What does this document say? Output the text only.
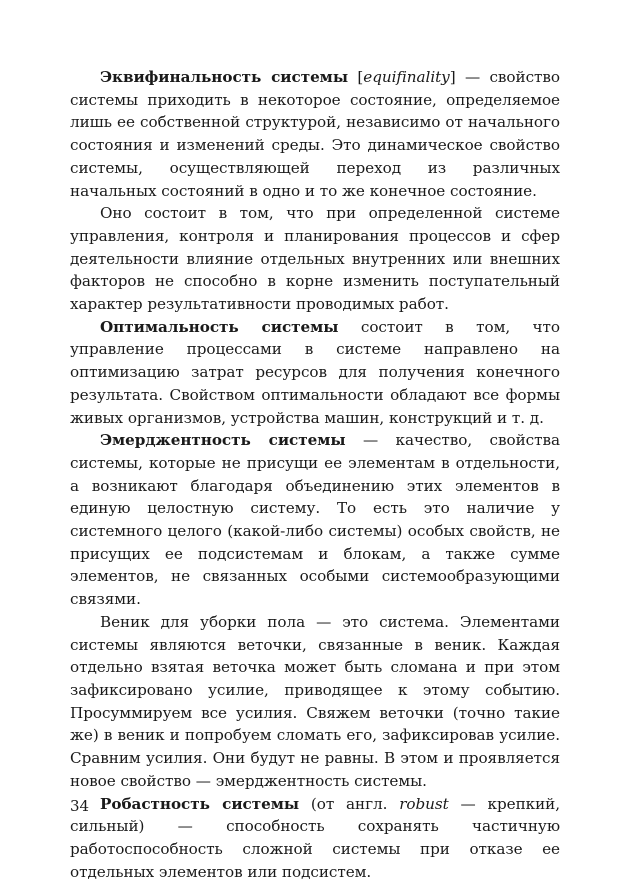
Эквифинальность системы [equifinality] — свойство системы приходить в некоторое состояние, определяемое лишь ее собственной структурой, независимо от начального состояния и изменений среды. Это динамическое свойство системы, осуществляющей переход из различных начальных состояний в одно и то же конечное состояние.

Оно состоит в том, что при определенной системе управления, контроля и планирования процессов и сфер деятельности влияние отдельных внутренних или внешних факторов не способно в корне изменить поступательный характер результативности проводимых работ.

Оптимальность системы состоит в том, что управление процессами в системе направлено на оптимизацию затрат ресурсов для получения конечного результата. Свойством оптимальности обладают все формы живых организмов, устройства машин, конструкций и т. д.

Эмерджентность системы — качество, свойства системы, которые не присущи ее элементам в отдельности, а возникают благодаря объединению этих элементов в единую целостную систему. То есть это наличие у системного целого (какой-либо системы) особых свойств, не присущих ее подсистемам и блокам, а также сумме элементов, не связанных особыми системообразующими связями.

Веник для уборки пола — это система. Элементами системы являются веточки, связанные в веник. Каждая отдельно взятая веточка может быть сломана и при этом зафиксировано усилие, приводящее к этому событию. Просуммируем все усилия. Свяжем веточки (точно такие же) в веник и попробуем сломать его, зафиксировав усилие. Сравним усилия. Они будут не равны. В этом и проявляется новое свойство — эмерджентность системы.

Робастность системы (от англ. robust — крепкий, сильный) — способность сохранять частичную работоспособность сложной системы при отказе ее отдельных элементов или подсистем.

34
